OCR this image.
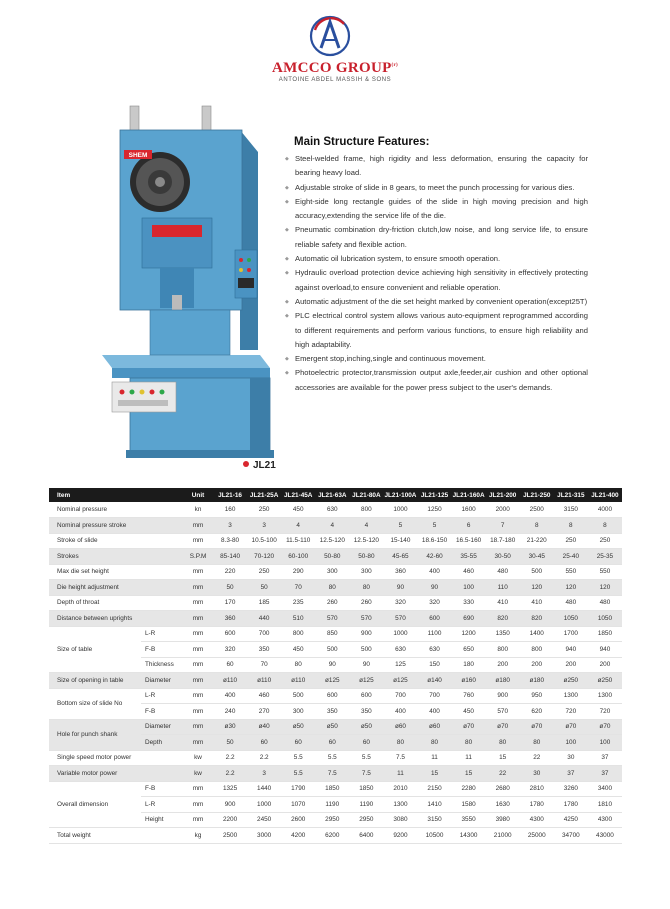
AMCCO GROUP$^{(r)}$
ANTOINE ABDEL MASSIH & SONS
SHEM
JL21
Main Structure Features:
◆ Steel-welded frame, high rigidity and less deformation, ensuring the capacity for bearing heavy load.
◆ Adjustable stroke of slide in 8 gears, to meet the punch processing for various dies.
◆ Eight-side long rectangle guides of the slide in high moving precision and high accuracy,extending the service life of the die.
◆ Pneumatic combination dry-friction clutch,low noise, and long service life, to ensure reliable safety and flexible action.
◆ Automatic oil lubrication system, to ensure smooth operation.
◆ Hydraulic overload protection device achieving high sensitivity in effectively protecting against overload,to ensure convenient and reliable operation.
◆ Automatic adjustment of the die set height marked by convenient operation(except25T)
◆ PLC electrical control system allows various auto-equipment reprogrammed according to different requirements and perform various functions, to ensure high reliability and high adaptability.
◆ Emergent stop,inching,single and continuous movement.
◆ Photoelectric protector,transmission output axle,feeder,air cushion and other optional accessories are available for the power press subject to the user's demands.
Item		Unit	JL21-16	JL21-25A	JL21-45A	JL21-63A	JL21-80A	JL21-100A	JL21-125	JL21-160A	JL21-200	JL21-250	JL21-315	JL21-400
Nominal pressure		kn	160	250	450	630	800	1000	1250	1600	2000	2500	3150	4000
Nominal pressure stroke		mm	3	3	4	4	4	5	5	6	7	8	8	8
Stroke of slide		mm	8.3-80	10.5-100	11.5-110	12.5-120	12.5-120	15-140	18.6-150	16.5-160	18.7-180	21-220	250	250
Strokes		S.P.M	85-140	70-120	60-100	50-80	50-80	45-65	42-60	35-55	30-50	30-45	25-40	25-35
Max die set height		mm	220	250	290	300	300	360	400	460	480	500	550	550
Die height adjustment		mm	50	50	70	80	80	90	90	100	110	120	120	120
Depth of throat		mm	170	185	235	260	260	320	320	330	410	410	480	480
Distance between uprights		mm	360	440	510	570	570	570	600	690	820	820	1050	1050
Size of table	L-R	mm	600	700	800	850	900	1000	1100	1200	1350	1400	1700	1850
	F-B	mm	320	350	450	500	500	630	630	650	800	800	940	940
	Thickness	mm	60	70	80	90	90	125	150	180	200	200	200	200
Size of opening in table	Diameter	mm	ø110	ø110	ø110	ø125	ø125	ø125	ø140	ø160	ø180	ø180	ø250	ø250
Bottom size of slide No	L-R	mm	400	460	500	600	600	700	700	760	900	950	1300	1300
	F-B	mm	240	270	300	350	350	400	400	450	570	620	720	720
Hole for punch shank	Diameter	mm	ø30	ø40	ø50	ø50	ø50	ø60	ø60	ø70	ø70	ø70	ø70	ø70
	Depth	mm	50	60	60	60	60	80	80	80	80	80	100	100
Single speed motor power		kw	2.2	2.2	5.5	5.5	5.5	7.5	11	11	15	22	30	37
Variable motor power		kw	2.2	3	5.5	7.5	7.5	11	15	15	22	30	37	37
Overall dimension	F-B	mm	1325	1440	1790	1850	1850	2010	2150	2280	2680	2810	3260	3400
	L-R	mm	900	1000	1070	1190	1190	1300	1410	1580	1630	1780	1780	1810
	Height	mm	2200	2450	2600	2950	2950	3080	3150	3550	3980	4300	4250	4300
Total weight		kg	2500	3000	4200	6200	6400	9200	10500	14300	21000	25000	34700	43000
